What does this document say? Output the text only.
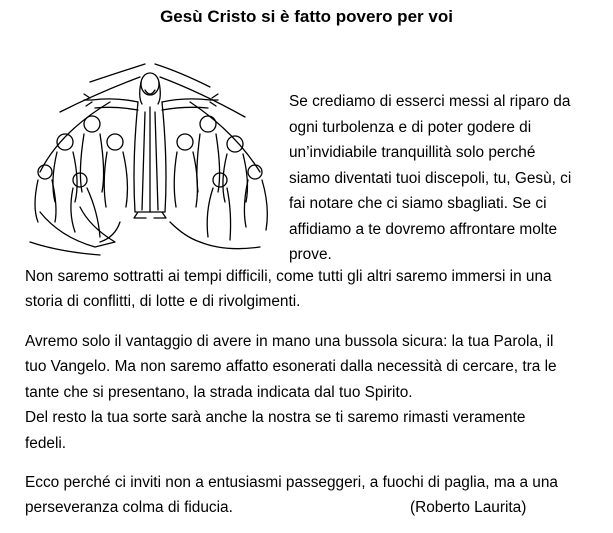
Gesù Cristo si è fatto povero per voi
Se crediamo di esserci messi al riparo da
ogni turbolenza e di poter godere di
un’invidiabile tranquillità solo perché
siamo diventati tuoi discepoli, tu, Gesù, ci
fai notare che ci siamo sbagliati. Se ci
affidiamo a te dovremo affrontare molte
prove.
Non saremo sottratti ai tempi difficili, come tutti gli altri saremo immersi in una
storia di conflitti, di lotte e di rivolgimenti.
Avremo solo il vantaggio di avere in mano una bussola sicura: la tua Parola, il
tuo Vangelo. Ma non saremo affatto esonerati dalla necessità di cercare, tra le
tante che si presentano, la strada indicata dal tuo Spirito.
Del resto la tua sorte sarà anche la nostra se ti saremo rimasti veramente
fedeli.
Ecco perché ci inviti non a entusiasmi passeggeri, a fuochi di paglia, ma a una
perseveranza colma di fiducia.	(Roberto Laurita)
